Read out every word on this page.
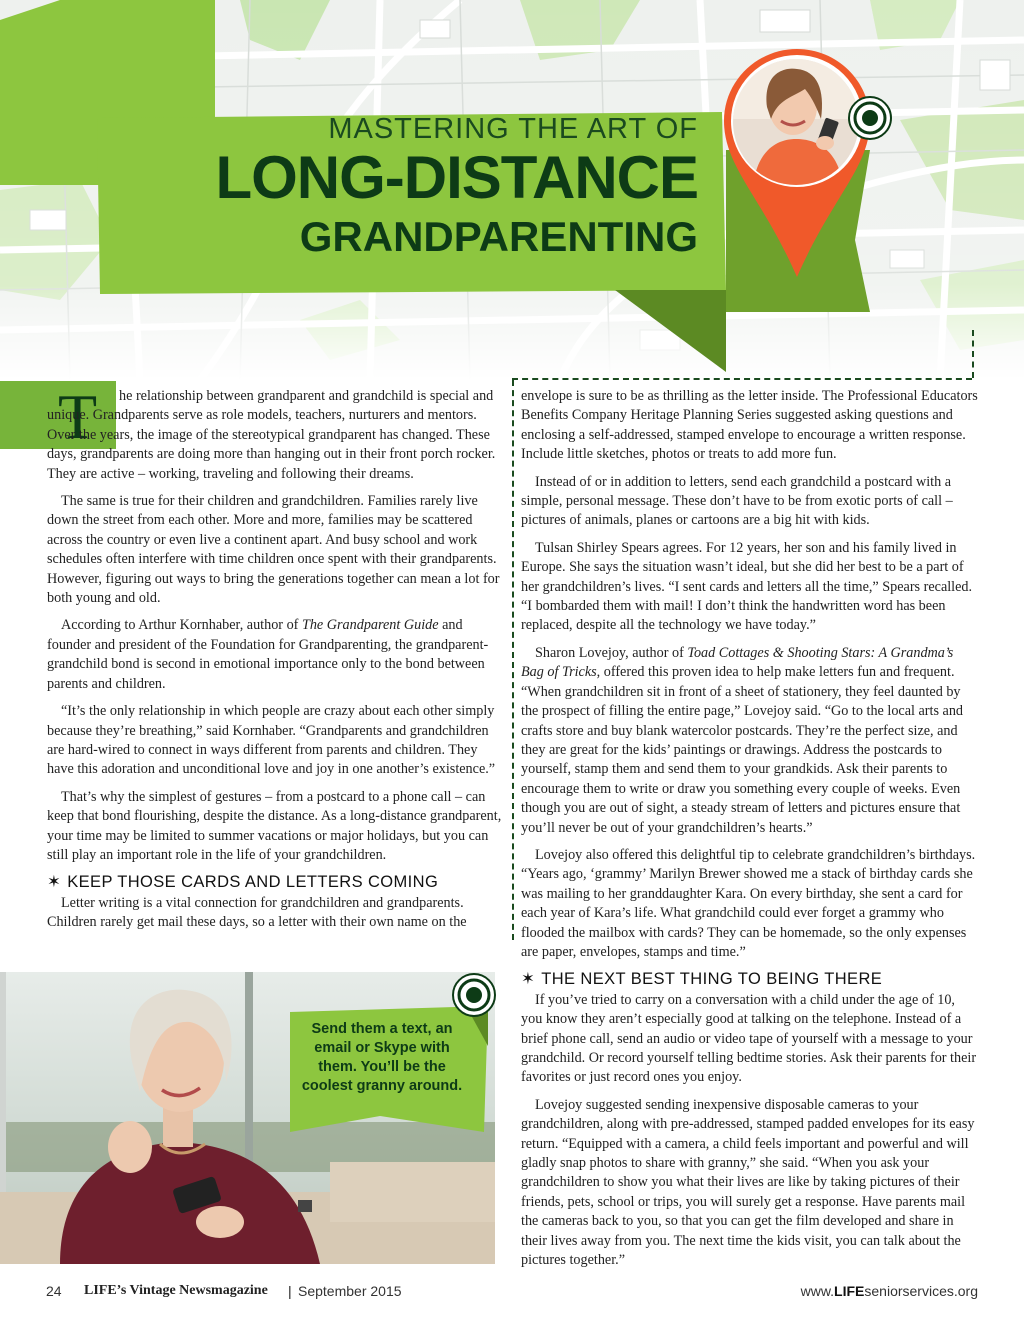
MASTERING THE ART OF
LONG-DISTANCE
GRANDPARENTING
T	he relationship between grandparent and grandchild is special and unique. Grandparents serve as role models, teachers, nurturers and mentors. Over the years, the image of the stereotypical grandparent has changed. These days, grandparents are doing more than hanging out in their front porch rocker. They are active – working, traveling and following their dreams.

The same is true for their children and grandchildren. Families rarely live down the street from each other. More and more, families may be scattered across the country or even live a continent apart. And busy school and work schedules often interfere with time children once spent with their grandparents. However, figuring out ways to bring the generations together can mean a lot for both young and old.

According to Arthur Kornhaber, author of The Grandparent Guide and founder and president of the Foundation for Grandparenting, the grandparent-grandchild bond is second in emotional importance only to the bond between parents and children.

“It’s the only relationship in which people are crazy about each other simply because they’re breathing,” said Kornhaber. “Grandparents and grandchildren are hard-wired to connect in ways different from parents and children. They have this adoration and unconditional love and joy in one another’s existence.”

That’s why the simplest of gestures – from a postcard to a phone call – can keep that bond flourishing, despite the distance. As a long-distance grandparent, your time may be limited to summer vacations or major holidays, but you can still play an important role in the life of your grandchildren.

✶ KEEP THOSE CARDS AND LETTERS COMING

Letter writing is a vital connection for grandchildren and grandparents. Children rarely get mail these days, so a letter with their own name on the

envelope is sure to be as thrilling as the letter inside. The Professional Educators Benefits Company Heritage Planning Series suggested asking questions and enclosing a self-addressed, stamped envelope to encourage a written response. Include little sketches, photos or treats to add more fun.

Instead of or in addition to letters, send each grandchild a postcard with a simple, personal message. These don’t have to be from exotic ports of call – pictures of animals, planes or cartoons are a big hit with kids.

Tulsan Shirley Spears agrees. For 12 years, her son and his family lived in Europe. She says the situation wasn’t ideal, but she did her best to be a part of her grandchildren’s lives. “I sent cards and letters all the time,” Spears recalled. “I bombarded them with mail! I don’t think the handwritten word has been replaced, despite all the technology we have today.”

Sharon Lovejoy, author of Toad Cottages & Shooting Stars: A Grandma’s Bag of Tricks, offered this proven idea to help make letters fun and frequent. “When grandchildren sit in front of a sheet of stationery, they feel daunted by the prospect of filling the entire page,” Lovejoy said. “Go to the local arts and crafts store and buy blank watercolor postcards. They’re the perfect size, and they are great for the kids’ paintings or drawings. Address the postcards to yourself, stamp them and send them to your grandkids. Ask their parents to encourage them to write or draw you something every couple of weeks. Even though you are out of sight, a steady stream of letters and pictures ensure that you’ll never be out of your grandchildren’s hearts.”

Lovejoy also offered this delightful tip to celebrate grandchildren’s birthdays. “Years ago, ‘grammy’ Marilyn Brewer showed me a stack of birthday cards she was mailing to her granddaughter Kara. On every birthday, she sent a card for each year of Kara’s life. What grandchild could ever forget a grammy who flooded the mailbox with cards? They can be homemade, so the only expenses are paper, envelopes, stamps and time.”

✶ THE NEXT BEST THING TO BEING THERE

If you’ve tried to carry on a conversation with a child under the age of 10, you know they aren’t especially good at talking on the telephone. Instead of a brief phone call, send an audio or video tape of yourself with a message to your grandchild. Or record yourself telling bedtime stories. Ask their parents for their favorites or just record ones you enjoy.

Lovejoy suggested sending inexpensive disposable cameras to your grandchildren, along with pre-addressed, stamped padded envelopes for its easy return. “Equipped with a camera, a child feels important and powerful and will gladly snap photos to share with granny,” she said. “When you ask your grandchildren to show you what their lives are like by taking pictures of their friends, pets, school or trips, you will surely get a response. Have parents mail the cameras back to you, so that you can get the film developed and share in their lives away from you. The next time the kids visit, you can talk about the pictures together.”

Send them a text, an email or Skype with them. You’ll be the coolest granny around.
24 LIFE’s Vintage Newsmagazine | September 2015	www.LIFEseniorservices.org
